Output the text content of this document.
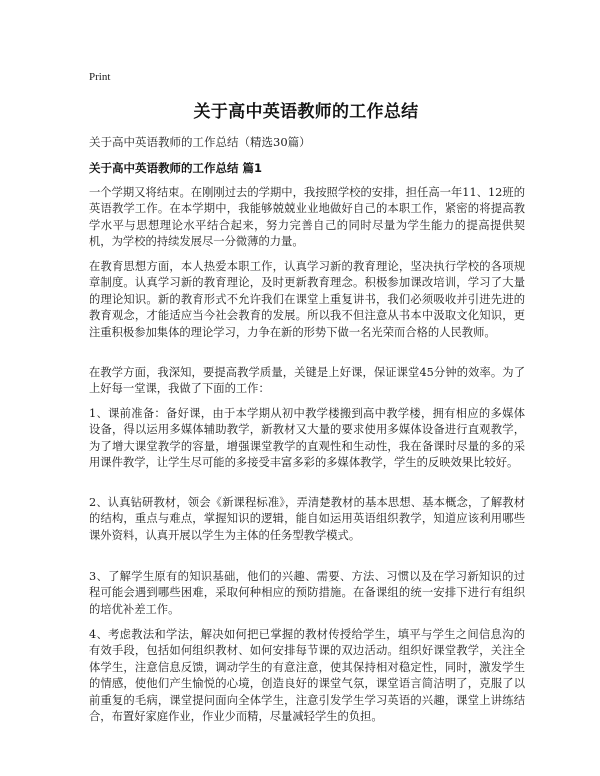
Print
关于高中英语教师的工作总结
关于高中英语教师的工作总结（精选30篇）
关于高中英语教师的工作总结 篇1

一个学期又将结束。在刚刚过去的学期中，我按照学校的安排，担任高一年11、12班的英语教学工作。在本学期中，我能够兢兢业业地做好自己的本职工作，紧密的将提高教学水平与思想理论水平结合起来，努力完善自己的同时尽量为学生能力的提高提供契机，为学校的持续发展尽一分微薄的力量。

在教育思想方面，本人热爱本职工作，认真学习新的教育理论，坚决执行学校的各项规章制度。认真学习新的教育理论，及时更新教育理念。积极参加课改培训，学习了大量的理论知识。新的教育形式不允许我们在课堂上重复讲书，我们必须吸收并引进先进的教育观念，才能适应当今社会教育的发展。所以我不但注意从书本中汲取文化知识，更注重积极参加集体的理论学习，力争在新的形势下做一名光荣而合格的人民教师。

在教学方面，我深知，要提高教学质量，关键是上好课，保证课堂45分钟的效率。为了上好每一堂课，我做了下面的工作：

1、课前准备：备好课，由于本学期从初中教学楼搬到高中教学楼，拥有相应的多媒体设备，得以运用多媒体辅助教学，新教材又大量的要求使用多媒体设备进行直观教学，为了增大课堂教学的容量，增强课堂教学的直观性和生动性，我在备课时尽量的多的采用课件教学，让学生尽可能的多接受丰富多彩的多媒体教学，学生的反映效果比较好。

2、认真钻研教材，领会《新课程标准》，弄清楚教材的基本思想、基本概念，了解教材的结构，重点与难点，掌握知识的逻辑，能自如运用英语组织教学，知道应该利用哪些课外资料，认真开展以学生为主体的任务型教学模式。

3、了解学生原有的知识基础，他们的兴趣、需要、方法、习惯以及在学习新知识的过程可能会遇到哪些困难，采取何种相应的预防措施。在备课组的统一安排下进行有组织的培优补差工作。

4、考虑教法和学法，解决如何把已掌握的教材传授给学生，填平与学生之间信息沟的有效手段，包括如何组织教材、如何安排每节课的双边活动。组织好课堂教学，关注全体学生，注意信息反馈，调动学生的有意注意，使其保持相对稳定性，同时，激发学生的情感，使他们产生愉悦的心境，创造良好的课堂气氛，课堂语言简洁明了，克服了以前重复的毛病，课堂提问面向全体学生，注意引发学生学习英语的兴趣，课堂上讲练结合，布置好家庭作业，作业少而精，尽量减轻学生的负担。
